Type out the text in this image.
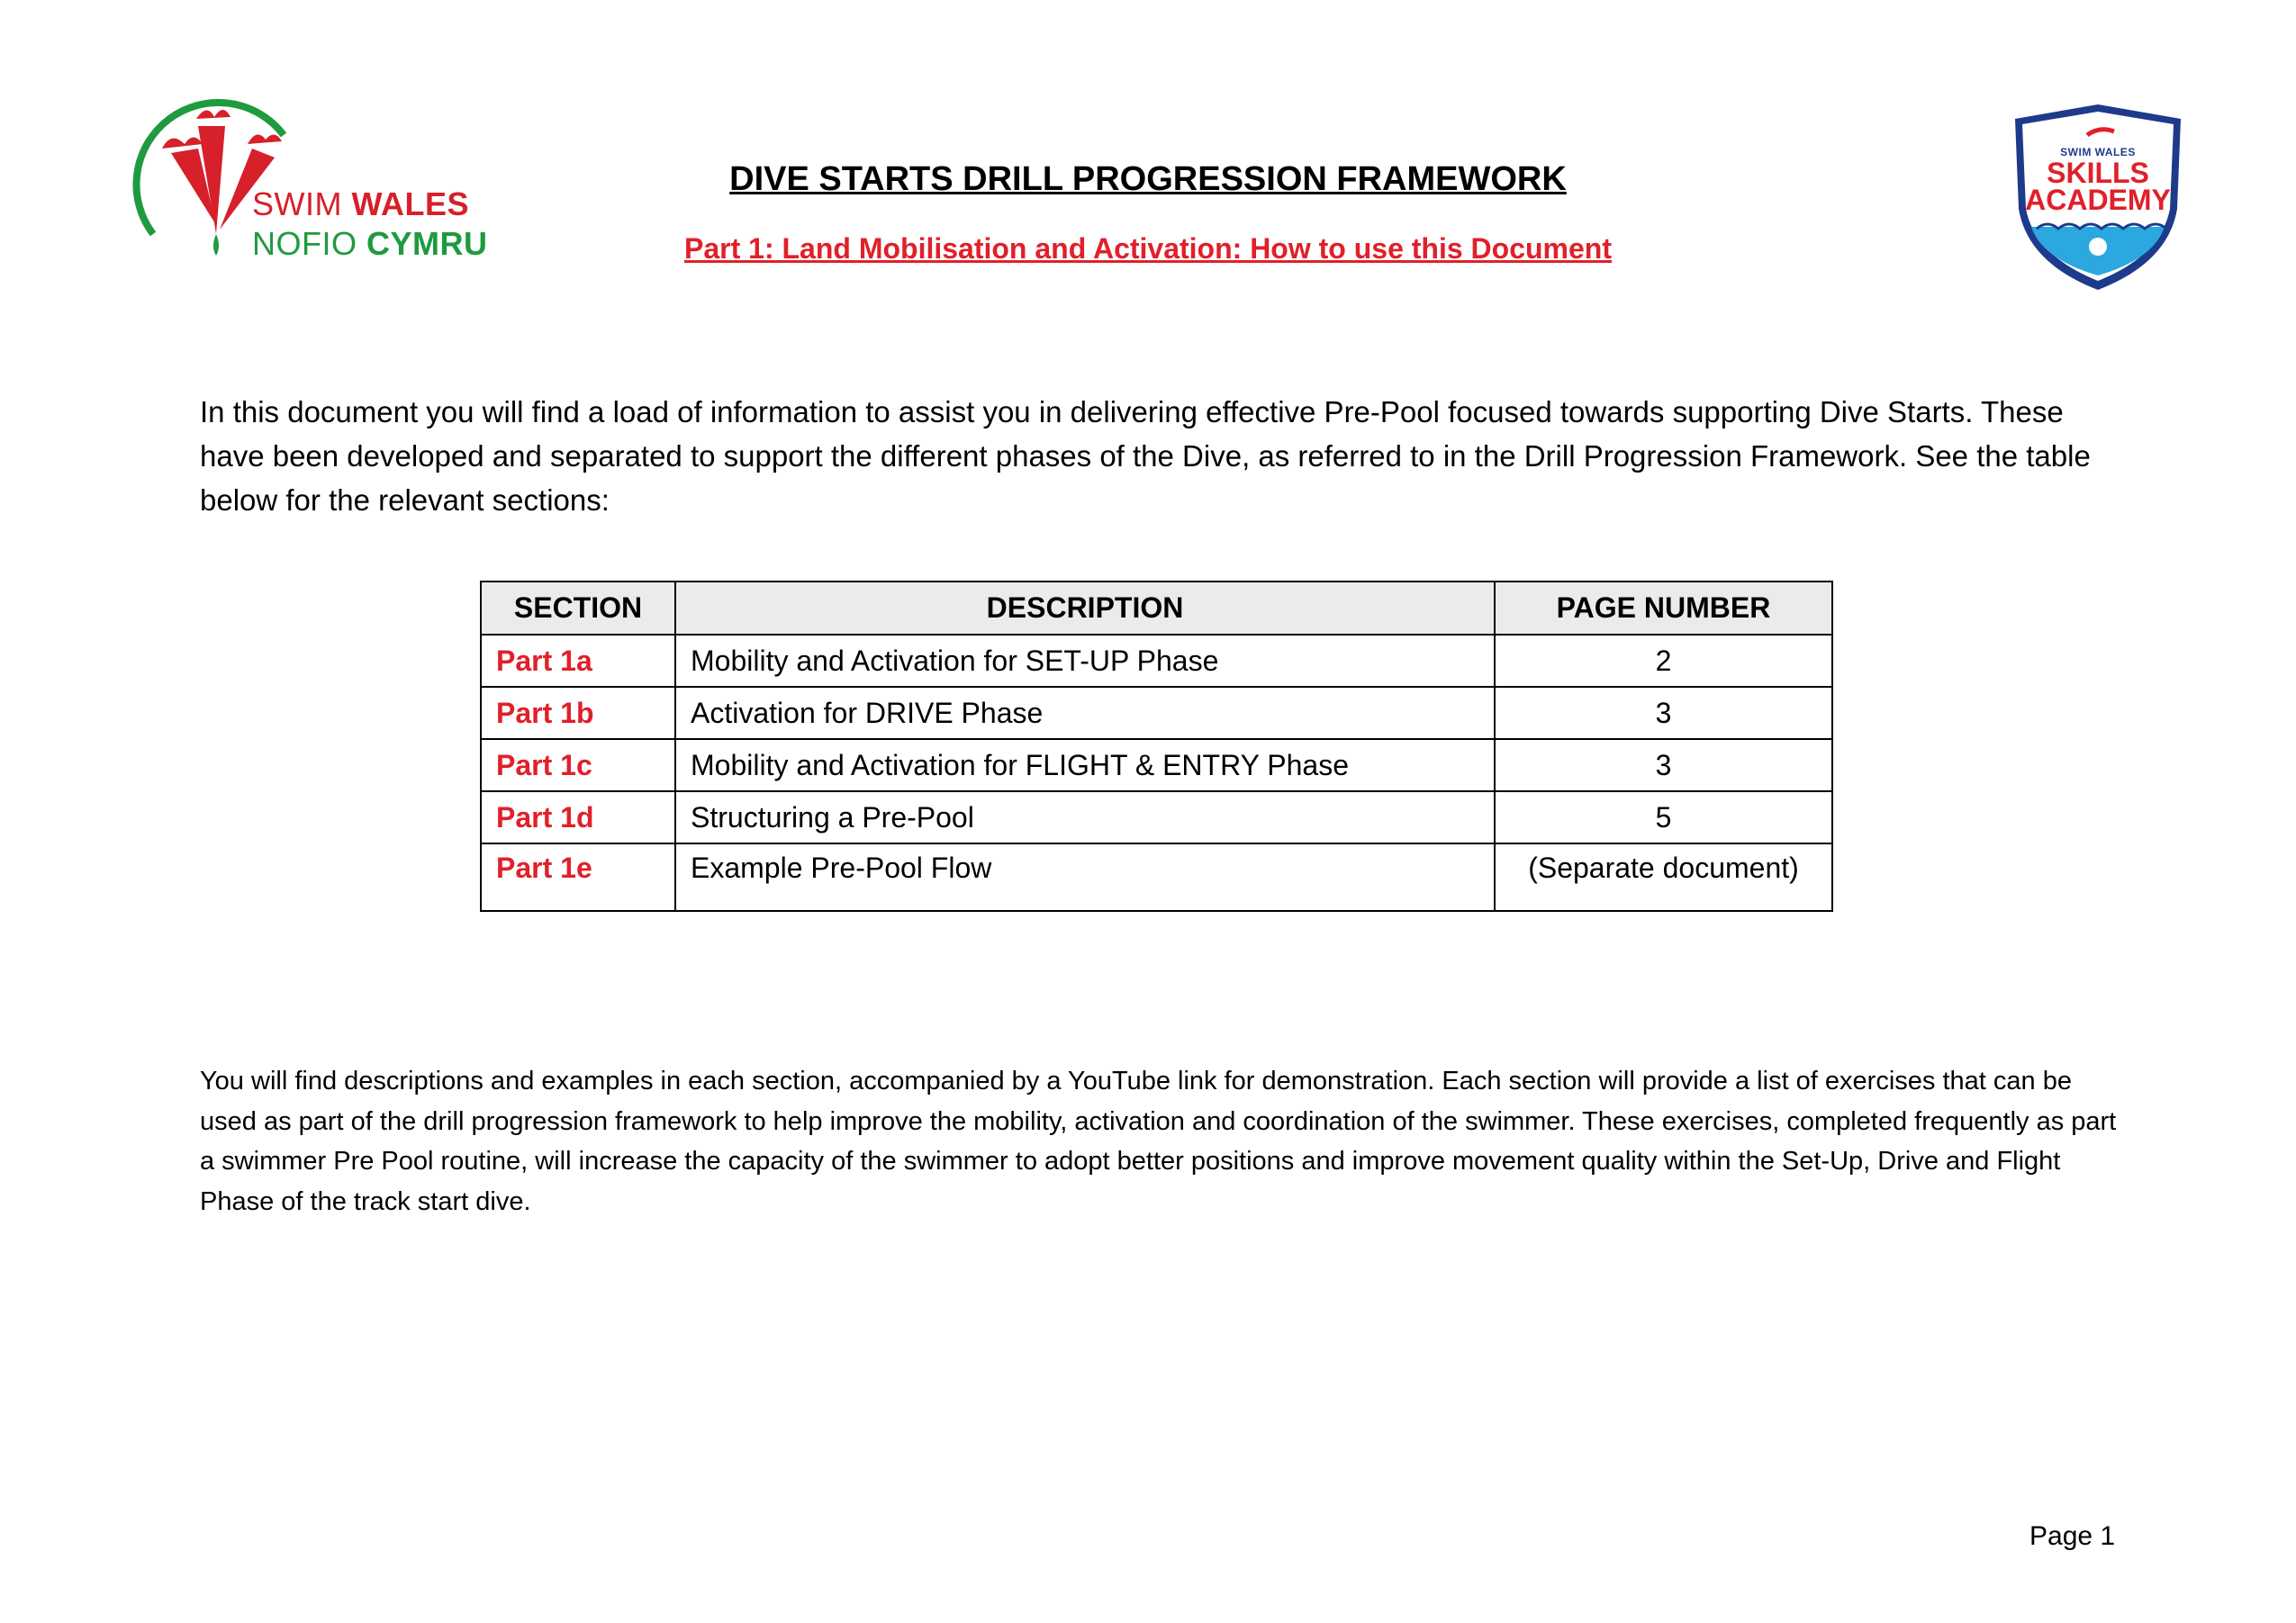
SWIM WALES
NOFIO CYMRU
SWIM WALES
SKILLS
ACADEMY
DIVE STARTS DRILL PROGRESSION FRAMEWORK
Part 1: Land Mobilisation and Activation: How to use this Document

In this document you will find a load of information to assist you in delivering effective Pre-Pool focused towards supporting Dive Starts. These have been developed and separated to support the different phases of the Dive, as referred to in the Drill Progression Framework. See the table below for the relevant sections:

SECTION	DESCRIPTION	PAGE NUMBER
Part 1a	Mobility and Activation for SET-UP Phase	2
Part 1b	Activation for DRIVE Phase	3
Part 1c	Mobility and Activation for FLIGHT & ENTRY Phase	3
Part 1d	Structuring a Pre-Pool	5
Part 1e	Example Pre-Pool Flow	(Separate document)

You will find descriptions and examples in each section, accompanied by a YouTube link for demonstration. Each section will provide a list of exercises that can be used as part of the drill progression framework to help improve the mobility, activation and coordination of the swimmer. These exercises, completed frequently as part a swimmer Pre Pool routine, will increase the capacity of the swimmer to adopt better positions and improve movement quality within the Set-Up, Drive and Flight Phase of the track start dive.

Page 1
